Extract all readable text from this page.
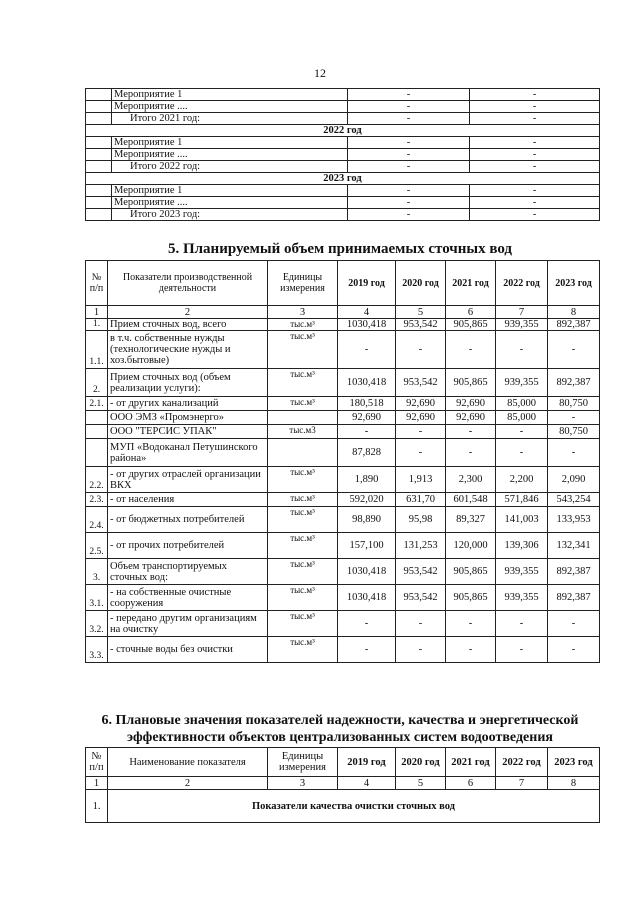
12
	Мероприятие 1	-	-
	Мероприятие ....	-	-
	Итого 2021 год:	-	-
2022 год			
	Мероприятие 1	-	-
	Мероприятие ....	-	-
	Итого 2022 год:	-	-
2023 год			
	Мероприятие 1	-	-
	Мероприятие ....	-	-
	Итого 2023 год:	-	-
5. Планируемый объем принимаемых сточных вод
№ п/п	Показатели производственной деятельности	Единицы измерения	2019 год	2020 год	2021 год	2022 год	2023 год
1	2	3	4	5	6	7	8
1.	Прием сточных вод, всего	тыс.м³	1030,418	953,542	905,865	939,355	892,387
1.1.	в т.ч. собственные нужды (технологические нужды и хоз.бытовые)	тыс.м³	-	-	-	-	-
2.	Прием сточных вод (объем реализации услуги):	тыс.м³	1030,418	953,542	905,865	939,355	892,387
2.1.	- от других канализаций	тыс.м³	180,518	92,690	92,690	85,000	80,750
	ООО ЭМЗ «Промэнерго»		92,690	92,690	92,690	85,000	-
	ООО "ТЕРСИС УПАК"	тыс.м3	-	-	-	-	80,750
	МУП «Водоканал Петушинского района»		87,828	-	-	-	-
2.2.	- от других отраслей организации ВКХ	тыс.м³	1,890	1,913	2,300	2,200	2,090
2.3.	- от населения	тыс.м³	592,020	631,70	601,548	571,846	543,254
2.4.	- от бюджетных потребителей	тыс.м³	98,890	95,98	89,327	141,003	133,953
2.5.	- от прочих потребителей	тыс.м³	157,100	131,253	120,000	139,306	132,341
3.	Объем транспортируемых сточных вод:	тыс.м³	1030,418	953,542	905,865	939,355	892,387
3.1.	- на собственные очистные сооружения	тыс.м³	1030,418	953,542	905,865	939,355	892,387
3.2.	- передано другим организациям на очистку	тыс.м³	-	-	-	-	-
3.3.	- сточные воды без очистки	тыс.м³	-	-	-	-	-
6. Плановые значения показателей надежности, качества и энергетической
эффективности объектов централизованных систем водоотведения
№ п/п	Наименование показателя	Единицы измерения	2019 год	2020 год	2021 год	2022 год	2023 год
1	2	3	4	5	6	7	8
1.	Показатели качества очистки сточных вод						
